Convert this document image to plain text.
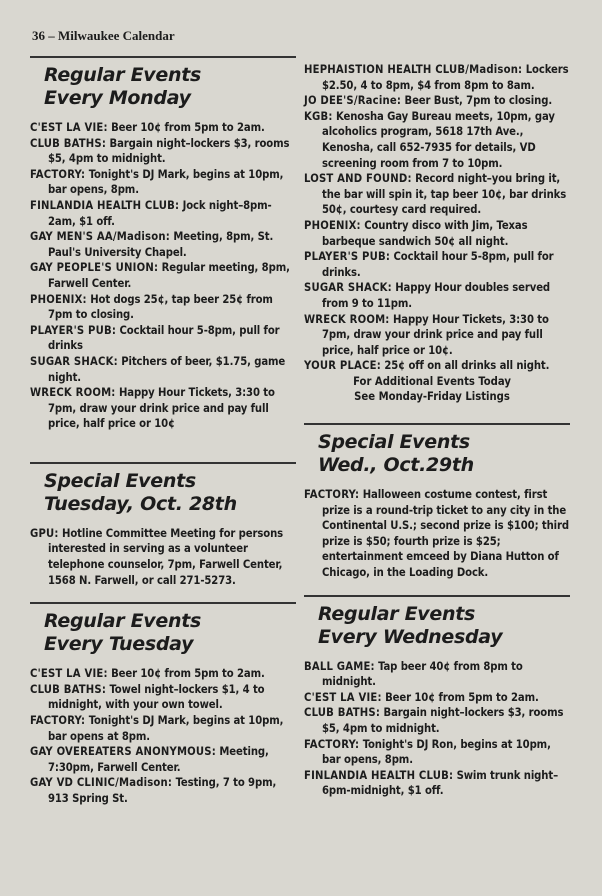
36 – Milwaukee Calendar
Regular Events
Every Monday

C'EST LA VIE: Beer 10¢ from 5pm to 2am.

CLUB BATHS: Bargain night–lockers $3, rooms $5, 4pm to midnight.

FACTORY: Tonight's DJ Mark, begins at 10pm, bar opens, 8pm.

FINLANDIA HEALTH CLUB: Jock night–8pm-2am, $1 off.

GAY MEN'S AA/Madison: Meeting, 8pm, St. Paul's University Chapel.

GAY PEOPLE'S UNION: Regular meeting, 8pm, Farwell Center.

PHOENIX: Hot dogs 25¢, tap beer 25¢ from 7pm to closing.

PLAYER'S PUB: Cocktail hour 5-8pm, pull for drinks

SUGAR SHACK: Pitchers of beer, $1.75, game night.

WRECK ROOM: Happy Hour Tickets, 3:30 to 7pm, draw your drink price and pay full price, half price or 10¢

Special Events
Tuesday, Oct. 28th

GPU: Hotline Committee Meeting for persons interested in serving as a volunteer telephone counselor, 7pm, Farwell Center, 1568 N. Farwell, or call 271-5273.

Regular Events
Every Tuesday

C'EST LA VIE: Beer 10¢ from 5pm to 2am.

CLUB BATHS: Towel night–lockers $1, 4 to midnight, with your own towel.

FACTORY: Tonight's DJ Mark, begins at 10pm, bar opens at 8pm.

GAY OVEREATERS ANONYMOUS: Meeting, 7:30pm, Farwell Center.

GAY VD CLINIC/Madison: Testing, 7 to 9pm, 913 Spring St.

HEPHAISTION HEALTH CLUB/Madison: Lockers $2.50, 4 to 8pm, $4 from 8pm to 8am.

JO DEE'S/Racine: Beer Bust, 7pm to closing.

KGB: Kenosha Gay Bureau meets, 10pm, gay alcoholics program, 5618 17th Ave., Kenosha, call 652-7935 for details, VD screening room from 7 to 10pm.

LOST AND FOUND: Record night–you bring it, the bar will spin it, tap beer 10¢, bar drinks 50¢, courtesy card required.

PHOENIX: Country disco with Jim, Texas barbeque sandwich 50¢ all night.

PLAYER'S PUB: Cocktail hour 5-8pm, pull for drinks.

SUGAR SHACK: Happy Hour doubles served from 9 to 11pm.

WRECK ROOM: Happy Hour Tickets, 3:30 to 7pm, draw your drink price and pay full price, half price or 10¢.

YOUR PLACE: 25¢ off on all drinks all night.

For Additional Events Today

See Monday-Friday Listings

Special Events
Wed., Oct.29th

FACTORY: Halloween costume contest, first prize is a round-trip ticket to any city in the Continental U.S.; second prize is $100; third prize is $50; fourth prize is $25; entertainment emceed by Diana Hutton of Chicago, in the Loading Dock.

Regular Events
Every Wednesday

BALL GAME: Tap beer 40¢ from 8pm to midnight.

C'EST LA VIE: Beer 10¢ from 5pm to 2am.

CLUB BATHS: Bargain night–lockers $3, rooms $5, 4pm to midnight.

FACTORY: Tonight's DJ Ron, begins at 10pm, bar opens, 8pm.

FINLANDIA HEALTH CLUB: Swim trunk night–6pm-midnight, $1 off.
